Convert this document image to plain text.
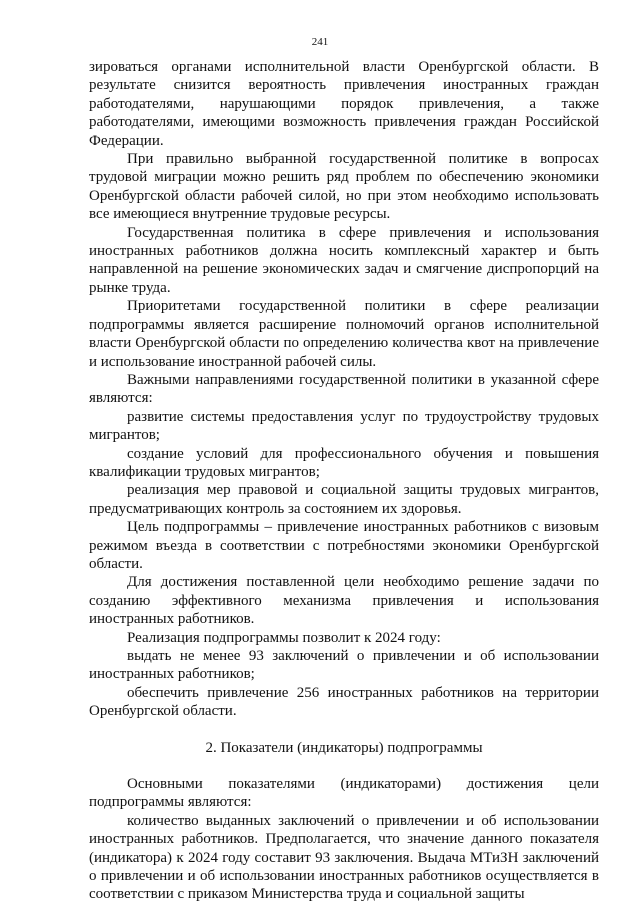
241

зироваться органами исполнительной власти Оренбургской области. В результате снизится вероятность привлечения иностранных граждан работодателями, нарушающими порядок привлечения, а также работодателями, имеющими возможность привлечения граждан Российской Федерации.

При правильно выбранной государственной политике в вопросах трудовой миграции можно решить ряд проблем по обеспечению экономики Оренбургской области рабочей силой, но при этом необходимо использовать все имеющиеся внутренние трудовые ресурсы.

Государственная политика в сфере привлечения и использования иностранных работников должна носить комплексный характер и быть направленной на решение экономических задач и смягчение диспропорций на рынке труда.

Приоритетами государственной политики в сфере реализации подпрограммы является расширение полномочий органов исполнительной власти Оренбургской области по определению количества квот на привлечение и использование иностранной рабочей силы.

Важными направлениями государственной политики в указанной сфере являются:

развитие системы предоставления услуг по трудоустройству трудовых мигрантов;

создание условий для профессионального обучения и повышения квалификации трудовых мигрантов;

реализация мер правовой и социальной защиты трудовых мигрантов, предусматривающих контроль за состоянием их здоровья.

Цель подпрограммы – привлечение иностранных работников с визовым режимом въезда в соответствии с потребностями экономики Оренбургской области.

Для достижения поставленной цели необходимо решение задачи по созданию эффективного механизма привлечения и использования иностранных работников.

Реализация подпрограммы позволит к 2024 году:

выдать не менее 93 заключений о привлечении и об использовании иностранных работников;

обеспечить привлечение 256 иностранных работников на территории Оренбургской области.

2. Показатели (индикаторы) подпрограммы

Основными показателями (индикаторами) достижения цели подпрограммы являются:

количество выданных заключений о привлечении и об использовании иностранных работников. Предполагается, что значение данного показателя (индикатора) к 2024 году составит 93 заключения. Выдача МТиЗН заключений о привлечении и об использовании иностранных работников осуществляется в соответствии с приказом Министерства труда и социальной защиты
